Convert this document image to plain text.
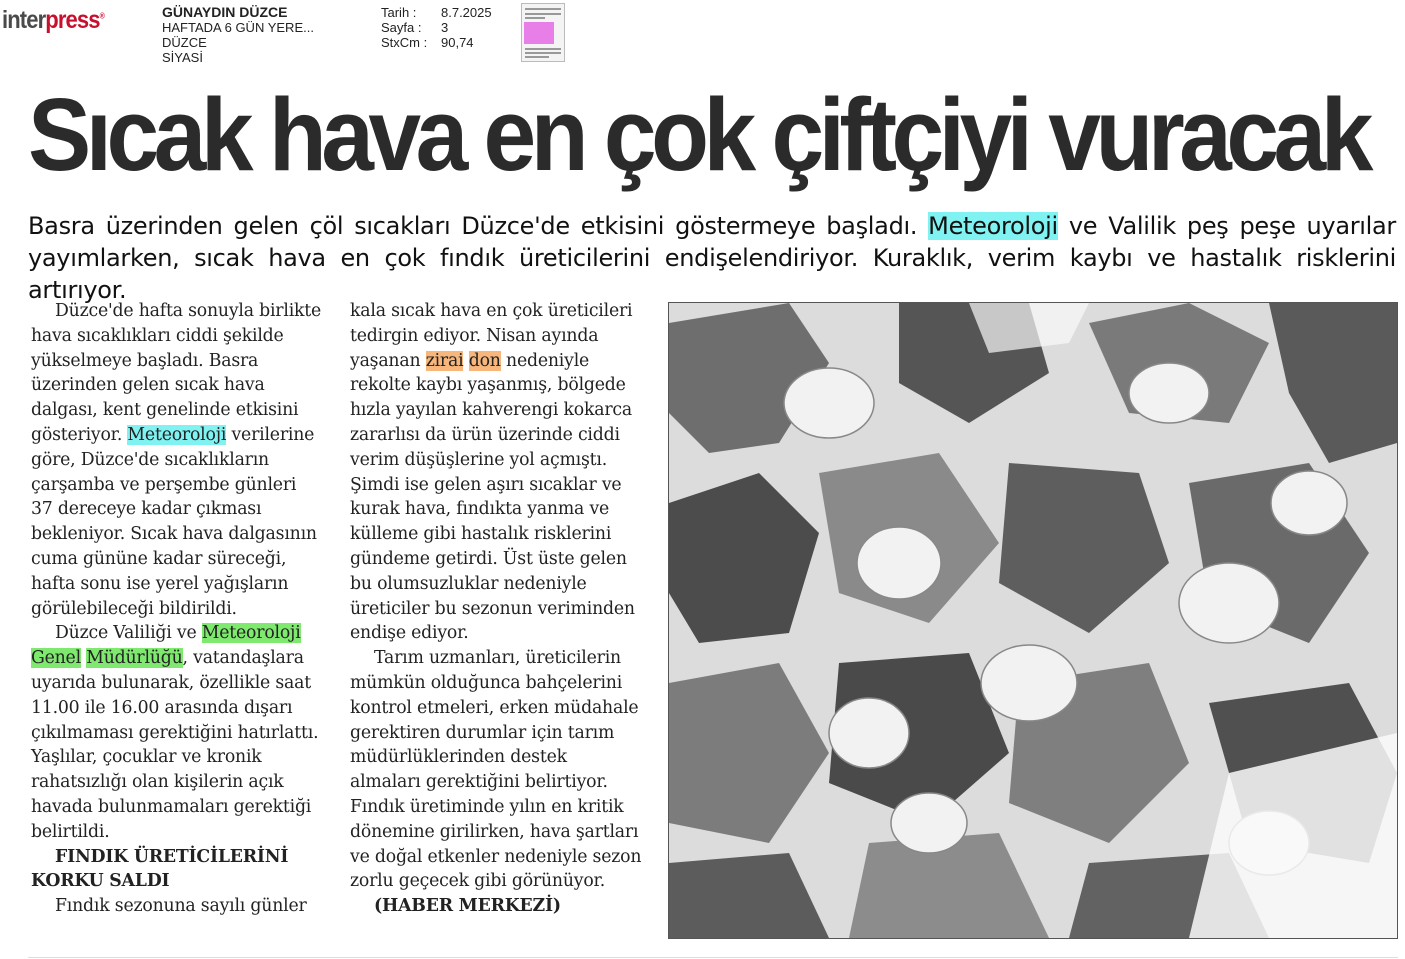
interpress®	GÜNAYDIN DÜZCE
HAFTADA 6 GÜN YERE...
DÜZCE
SİYASİ
Tarih :	8.7.2025
Sayfa :	3
StxCm :	90,74
Sıcak hava en çok çiftçiyi vuracak
Basra üzerinden gelen çöl sıcakları Düzce'de etkisini göstermeye başladı. Meteoroloji ve Valilik peş peşe uyarılar yayımlarken, sıcak hava en çok fındık üreticilerini endişelendiriyor. Kuraklık, verim kaybı ve hastalık risklerini artırıyor.

Düzce'de hafta sonuyla birlikte hava sıcaklıkları ciddi şekilde yükselmeye başladı. Basra üzerinden gelen sıcak hava dalgası, kent genelinde etkisini gösteriyor. Meteoroloji verilerine göre, Düzce'de sıcaklıkların çarşamba ve perşembe günleri 37 dereceye kadar çıkması bekleniyor. Sıcak hava dalgasının cuma gününe kadar süreceği, hafta sonu ise yerel yağışların görülebileceği bildirildi.

Düzce Valiliği ve Meteoroloji Genel Müdürlüğü, vatandaşlara uyarıda bulunarak, özellikle saat 11.00 ile 16.00 arasında dışarı çıkılmaması gerektiğini hatırlattı. Yaşlılar, çocuklar ve kronik rahatsızlığı olan kişilerin açık havada bulunmamaları gerektiği belirtildi.

FINDIK ÜRETİCİLERİNİ KORKU SALDI

Fındık sezonuna sayılı günler

kala sıcak hava en çok üreticileri tedirgin ediyor. Nisan ayında yaşanan zirai don nedeniyle rekolte kaybı yaşanmış, bölgede hızla yayılan kahverengi kokarca zararlısı da ürün üzerinde ciddi verim düşüşlerine yol açmıştı. Şimdi ise gelen aşırı sıcaklar ve kurak hava, fındıkta yanma ve külleme gibi hastalık risklerini gündeme getirdi. Üst üste gelen bu olumsuzluklar nedeniyle üreticiler bu sezonun veriminden endişe ediyor.

Tarım uzmanları, üreticilerin mümkün olduğunca bahçelerini kontrol etmeleri, erken müdahale gerektiren durumlar için tarım müdürlüklerinden destek almaları gerektiğini belirtiyor. Fındık üretiminde yılın en kritik dönemine girilirken, hava şartları ve doğal etkenler nedeniyle sezon zorlu geçecek gibi görünüyor.

(HABER MERKEZİ)
